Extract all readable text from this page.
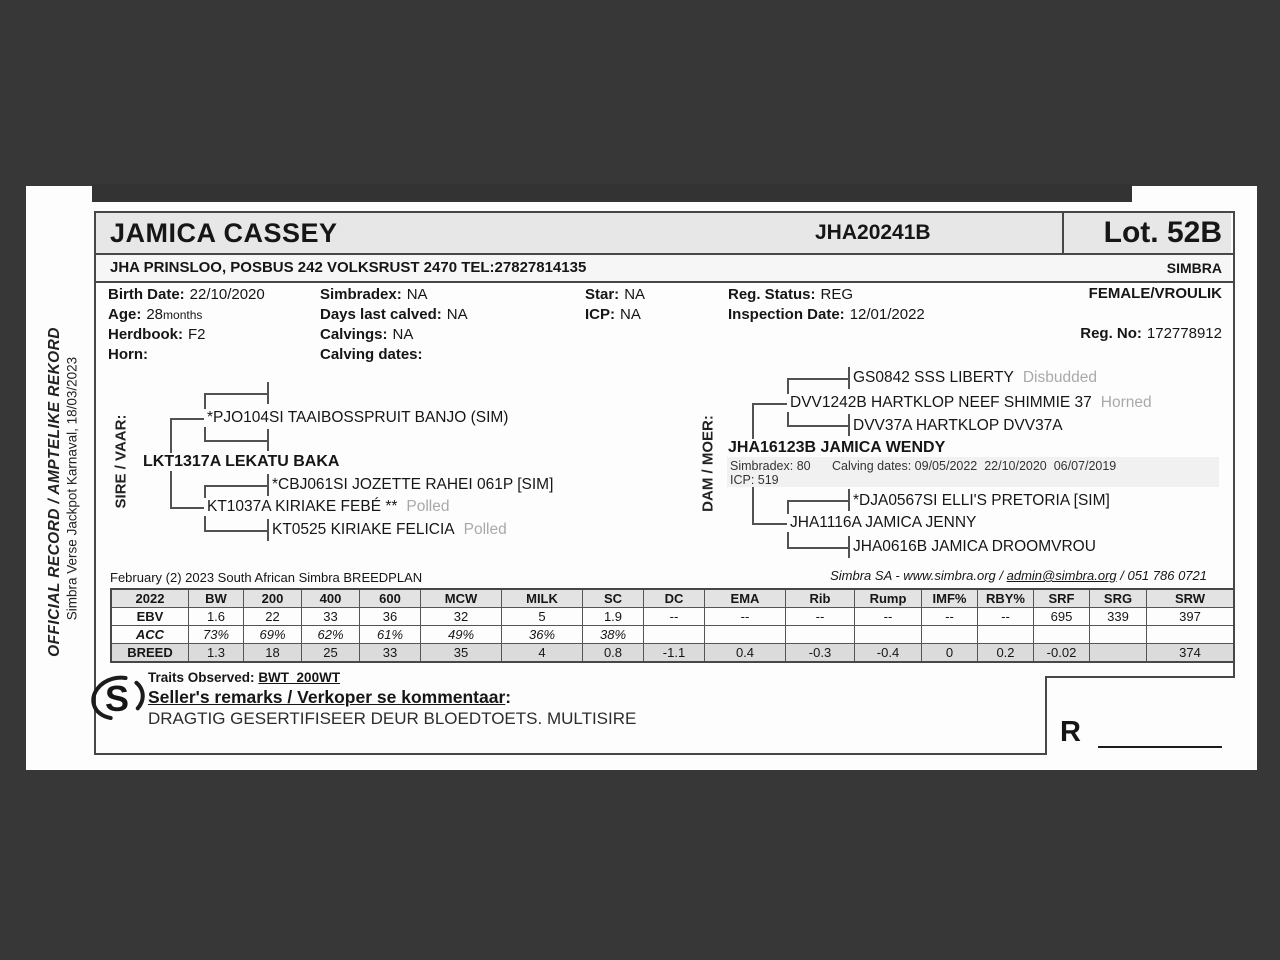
OFFICIAL RECORD / AMPTELIKE REKORD Simbra Verse Jackpot Karnaval, 18/03/2023
JAMICA CASSEY	JHA20241B	Lot. 52B
JHA PRINSLOO, POSBUS 242 VOLKSRUST 2470 TEL:27827814135	SIMBRA
Birth Date: 22/10/2020
Age: 28months
Herdbook: F2
Horn:
Simbradex: NA
Days last calved: NA
Calvings: NA
Calving dates:
Star: NA
ICP: NA
Reg. Status: REG
Inspection Date: 12/01/2022
FEMALE/VROULIK
Reg. No: 172778912
SIRE / VAAR:	DAM / MOER: Simbradex: 80 Calving dates: 09/05/2022  22/10/2020  06/07/2019
ICP: 519
*PJO104SI TAAIBOSSPRUIT BANJO (SIM)
LKT1317A LEKATU BAKA
*CBJ061SI JOZETTE RAHEI 061P [SIM]
KT1037A KIRIAKE FEBÉ ** Polled
KT0525 KIRIAKE FELICIA Polled
GS0842 SSS LIBERTY Disbudded
DVV1242B HARTKLOP NEEF SHIMMIE 37 Horned
DVV37A HARTKLOP DVV37A
JHA16123B JAMICA WENDY
*DJA0567SI ELLI'S PRETORIA [SIM]
JHA1116A JAMICA JENNY
JHA0616B JAMICA DROOMVROU
February (2) 2023 South African Simbra BREEDPLAN	Simbra SA - www.simbra.org / admin@simbra.org / 051 786 0721
2022	BW	200	400	600	MCW	MILK	SC	DC	EMA	Rib	Rump	IMF%	RBY%	SRF	SRG	SRW
EBV	1.6	22	33	36	32	5	1.9	--	--	--	--	--	--	695	339	397
ACC	73%	69%	62%	61%	49%	36%	38%									
BREED	1.3	18	25	33	35	4	0.8	-1.1	0.4	-0.3	-0.4	0	0.2	-0.02		374
S
Traits Observed: BWT  200WT
Seller's remarks / Verkoper se kommentaar:
DRAGTIG GESERTIFISEER DEUR BLOEDTOETS. MULTISIRE	R
